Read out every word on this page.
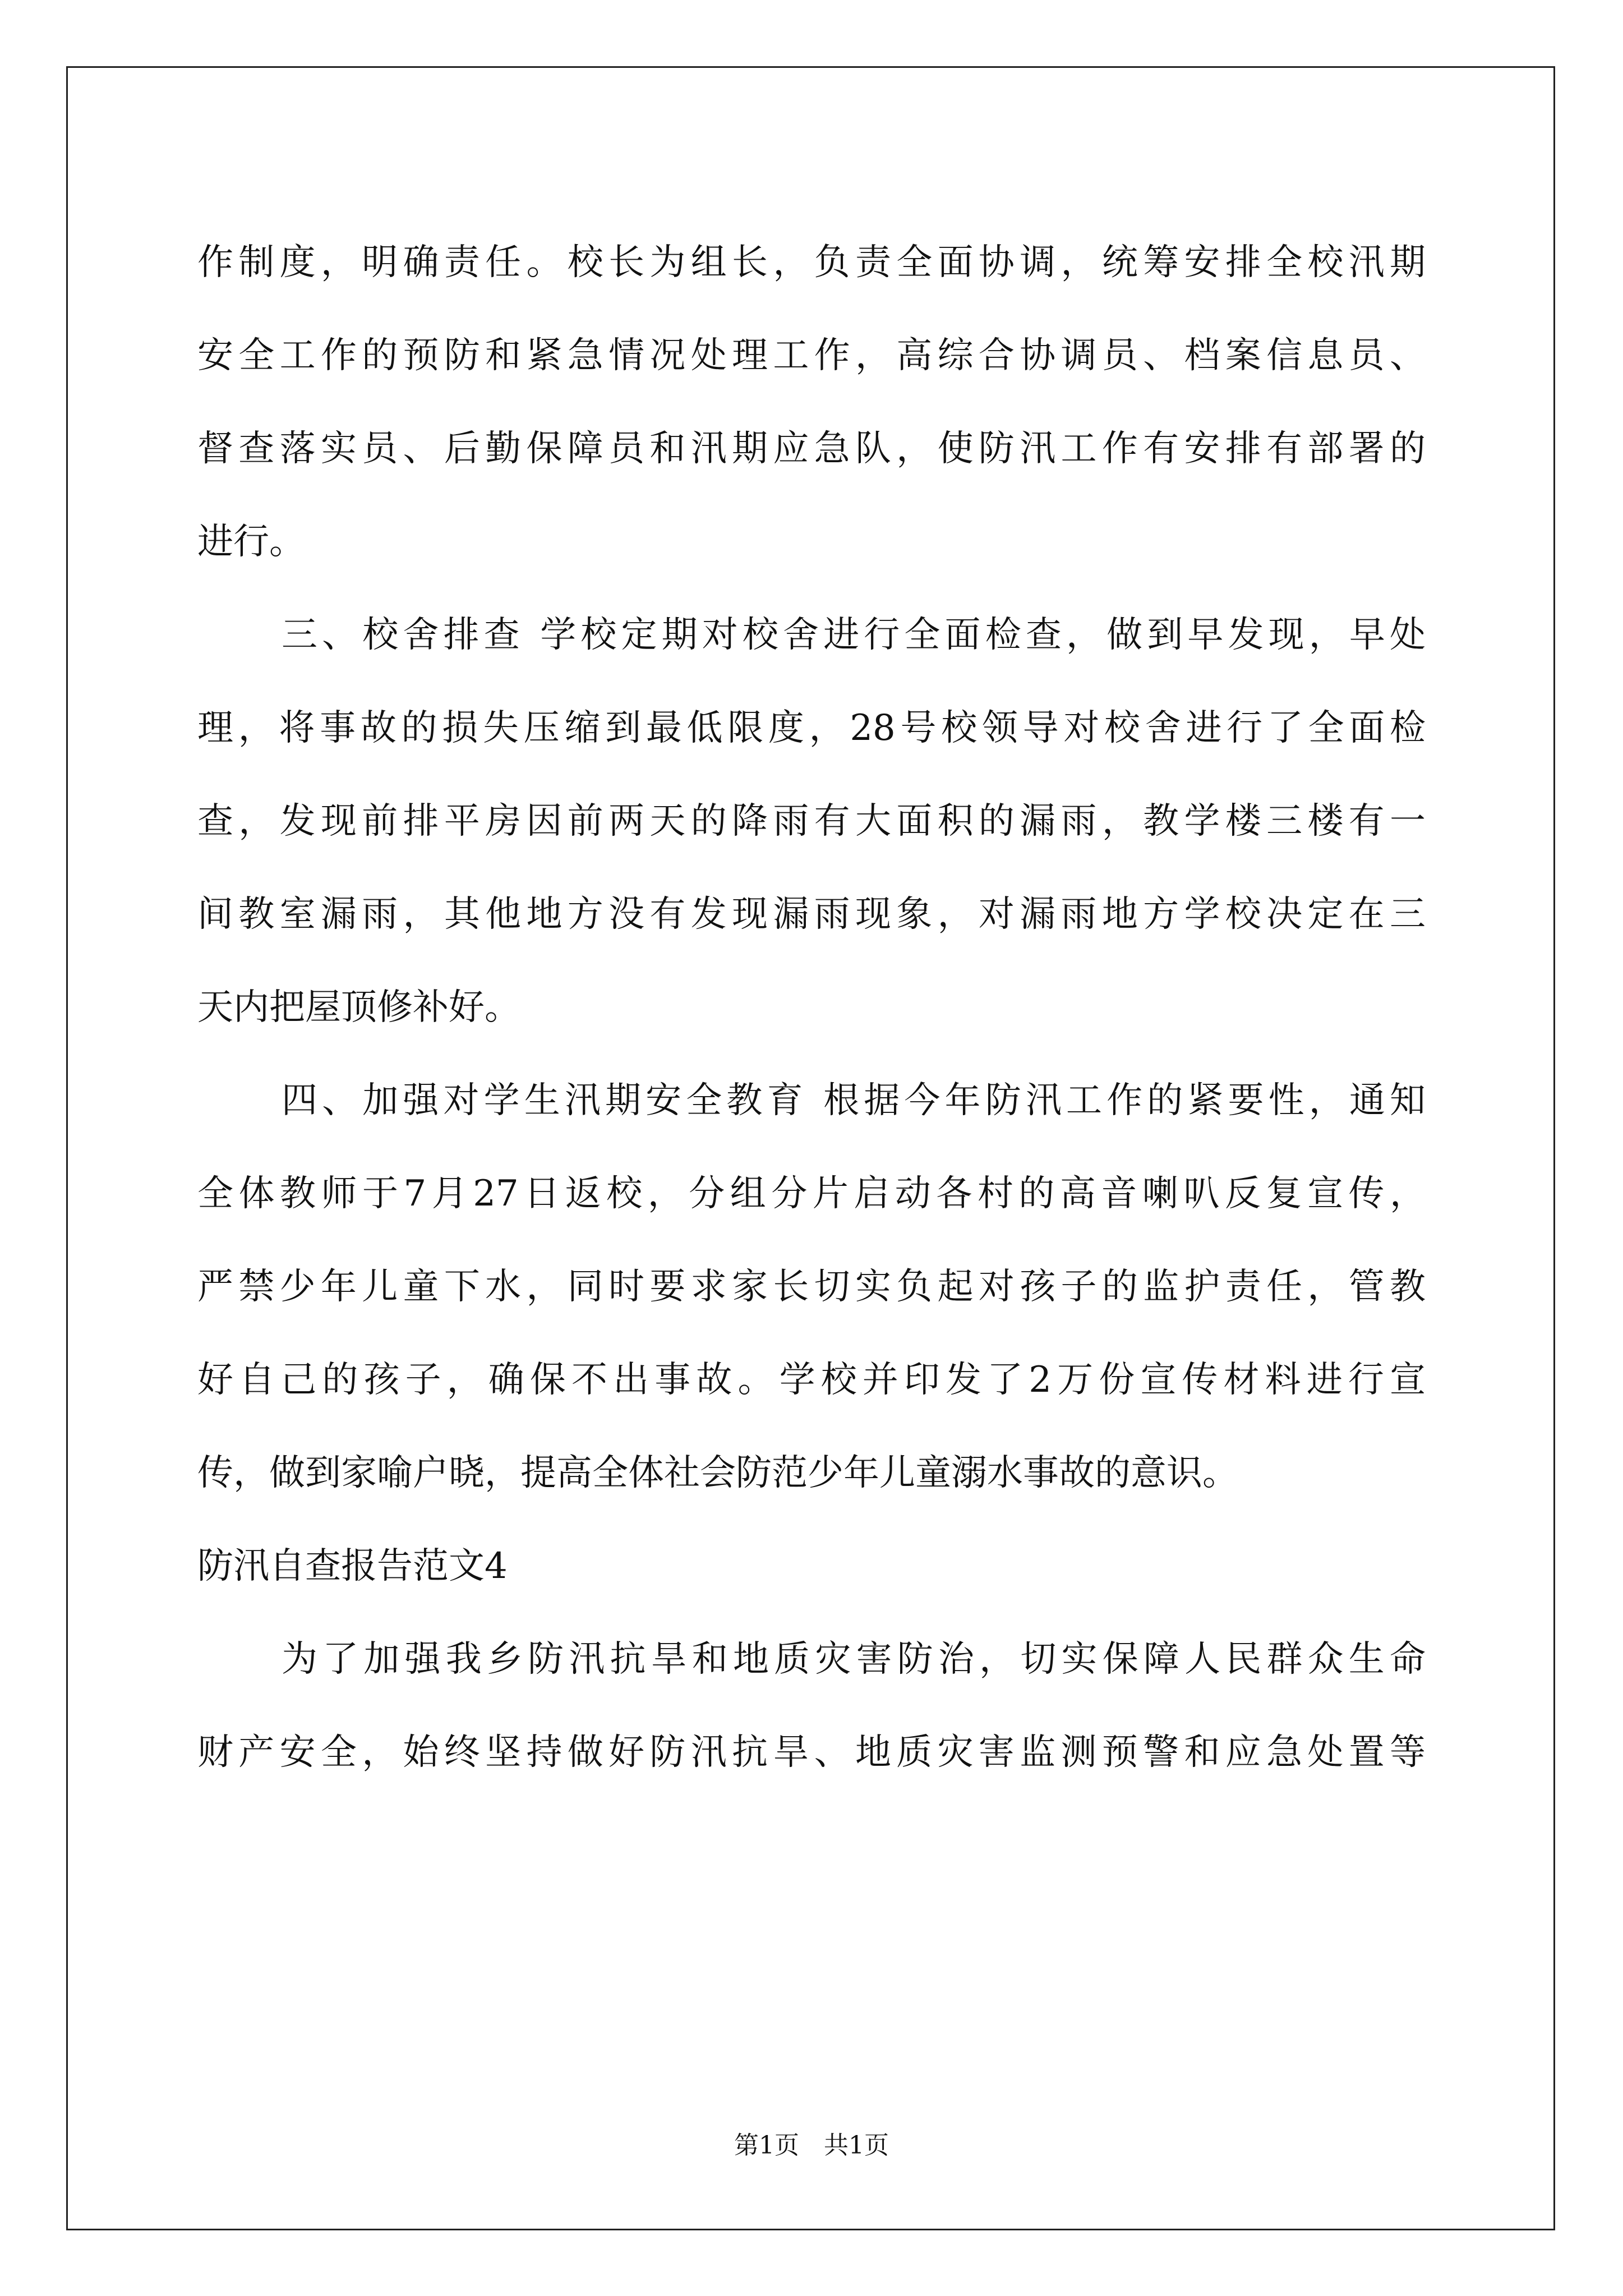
作制度，明确责任。校长为组长，负责全面协调，统筹安排全校汛期
安全工作的预防和紧急情况处理工作，高综合协调员、档案信息员、
督查落实员、后勤保障员和汛期应急队，使防汛工作有安排有部署的
进行。
三、校舍排查 学校定期对校舍进行全面检查，做到早发现，早处
理，将事故的损失压缩到最低限度，28号校领导对校舍进行了全面检
查，发现前排平房因前两天的降雨有大面积的漏雨，教学楼三楼有一
间教室漏雨，其他地方没有发现漏雨现象，对漏雨地方学校决定在三
天内把屋顶修补好。
四、加强对学生汛期安全教育 根据今年防汛工作的紧要性，通知
全体教师于7月27日返校，分组分片启动各村的高音喇叭反复宣传，
严禁少年儿童下水，同时要求家长切实负起对孩子的监护责任，管教
好自己的孩子，确保不出事故。学校并印发了2万份宣传材料进行宣
传，做到家喻户晓，提高全体社会防范少年儿童溺水事故的意识。
防汛自查报告范文4
为了加强我乡防汛抗旱和地质灾害防治，切实保障人民群众生命
财产安全，始终坚持做好防汛抗旱、地质灾害监测预警和应急处置等
第1页　共1页
